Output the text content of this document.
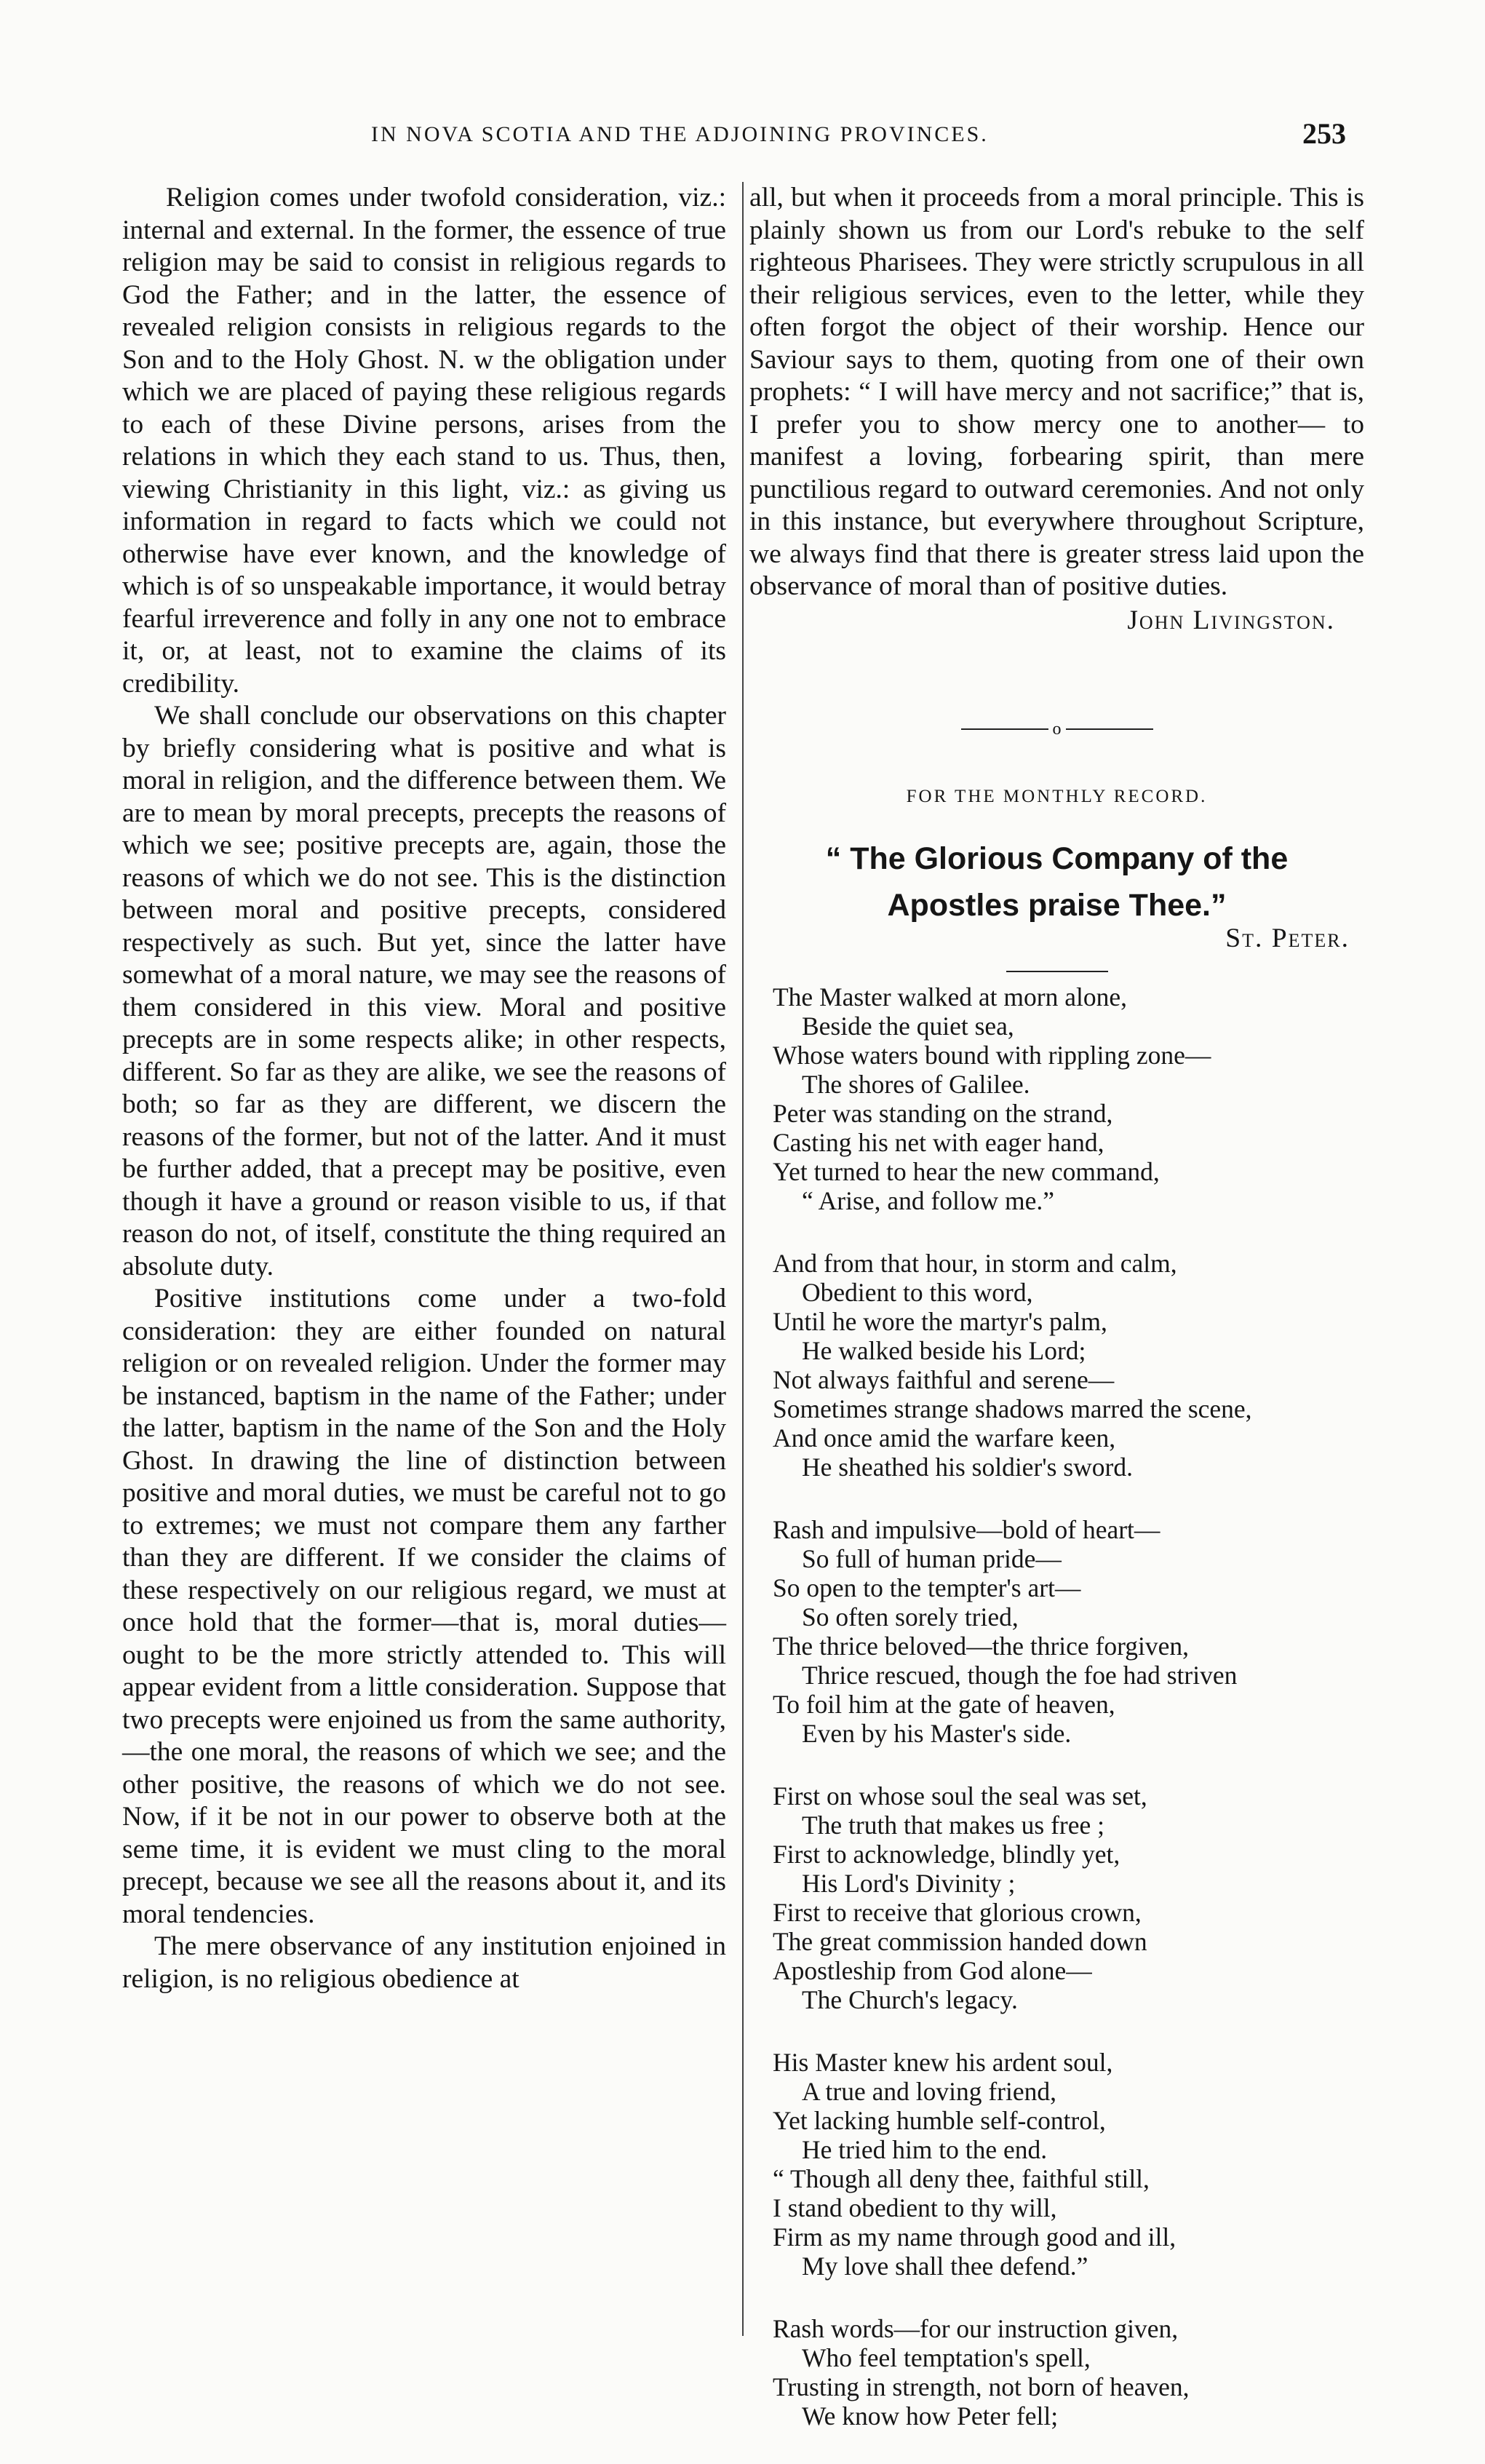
IN NOVA SCOTIA AND THE ADJOINING PROVINCES.	253

Religion comes under twofold consideration, viz.: internal and external. In the former, the essence of true religion may be said to consist in religious regards to God the Father; and in the latter, the essence of revealed religion consists in religious regards to the Son and to the Holy Ghost. N. w the obligation under which we are placed of paying these religious regards to each of these Divine persons, arises from the relations in which they each stand to us. Thus, then, viewing Christianity in this light, viz.: as giving us information in regard to facts which we could not otherwise have ever known, and the knowledge of which is of so unspeakable importance, it would betray fearful irreverence and folly in any one not to embrace it, or, at least, not to examine the claims of its credibility.

We shall conclude our observations on this chapter by briefly considering what is positive and what is moral in religion, and the difference between them. We are to mean by moral precepts, precepts the reasons of which we see; positive precepts are, again, those the reasons of which we do not see. This is the distinction between moral and positive precepts, considered respectively as such. But yet, since the latter have somewhat of a moral nature, we may see the reasons of them considered in this view. Moral and positive precepts are in some respects alike; in other respects, different. So far as they are alike, we see the reasons of both; so far as they are different, we discern the reasons of the former, but not of the latter. And it must be further added, that a precept may be positive, even though it have a ground or reason visible to us, if that reason do not, of itself, constitute the thing required an absolute duty.

Positive institutions come under a two-fold consideration: they are either founded on natural religion or on revealed religion. Under the former may be instanced, baptism in the name of the Father; under the latter, baptism in the name of the Son and the Holy Ghost. In drawing the line of distinction between positive and moral duties, we must be careful not to go to extremes; we must not compare them any farther than they are different. If we consider the claims of these respectively on our religious regard, we must at once hold that the former—that is, moral duties—ought to be the more strictly attended to. This will appear evident from a little consideration. Suppose that two precepts were enjoined us from the same authority,—the one moral, the reasons of which we see; and the other positive, the reasons of which we do not see. Now, if it be not in our power to observe both at the seme time, it is evident we must cling to the moral precept, because we see all the reasons about it, and its moral tendencies.

The mere observance of any institution enjoined in religion, is no religious obedience at

all, but when it proceeds from a moral principle. This is plainly shown us from our Lord's rebuke to the self righteous Pharisees. They were strictly scrupulous in all their religious services, even to the letter, while they often forgot the object of their worship. Hence our Saviour says to them, quoting from one of their own prophets: “ I will have mercy and not sacrifice;” that is, I prefer you to show mercy one to another— to manifest a loving, forbearing spirit, than mere punctilious regard to outward ceremonies. And not only in this instance, but everywhere throughout Scripture, we always find that there is greater stress laid upon the observance of moral than of positive duties.

John Livingston.
o
FOR THE MONTHLY RECORD.
“ The Glorious Company of the
Apostles praise Thee.”
St. Peter.
The Master walked at morn alone,
Beside the quiet sea,
Whose waters bound with rippling zone—
The shores of Galilee.
Peter was standing on the strand,
Casting his net with eager hand,
Yet turned to hear the new command,
“ Arise, and follow me.”
And from that hour, in storm and calm,
Obedient to this word,
Until he wore the martyr's palm,
He walked beside his Lord;
Not always faithful and serene—
Sometimes strange shadows marred the scene,
And once amid the warfare keen,
He sheathed his soldier's sword.
Rash and impulsive—bold of heart—
So full of human pride—
So open to the tempter's art—
So often sorely tried,
The thrice beloved—the thrice forgiven,
Thrice rescued, though the foe had striven
To foil him at the gate of heaven,
Even by his Master's side.
First on whose soul the seal was set,
The truth that makes us free ;
First to acknowledge, blindly yet,
His Lord's Divinity ;
First to receive that glorious crown,
The great commission handed down
Apostleship from God alone—
The Church's legacy.
His Master knew his ardent soul,
A true and loving friend,
Yet lacking humble self-control,
He tried him to the end.
“ Though all deny thee, faithful still,
I stand obedient to thy will,
Firm as my name through good and ill,
My love shall thee defend.”
Rash words—for our instruction given,
Who feel temptation's spell,
Trusting in strength, not born of heaven,
We know how Peter fell;
